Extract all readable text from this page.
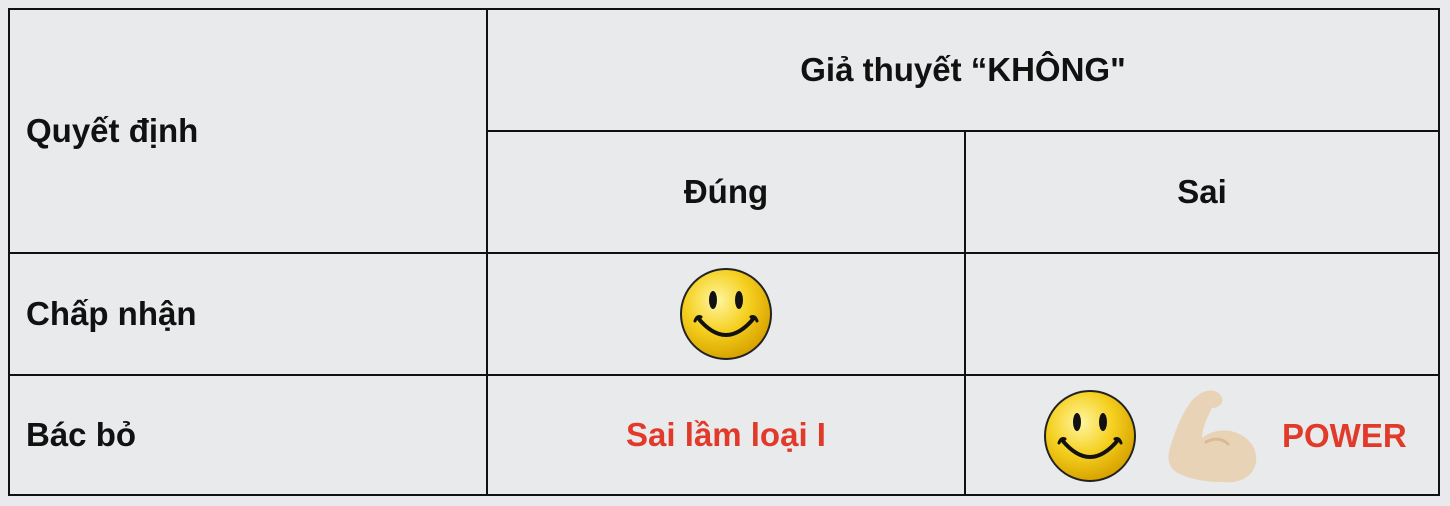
Quyết định
Giả thuyết “KHÔNG"
Đúng	Sai
Chấp nhận
Bác bỏ	Sai lầm loại I	POWER
